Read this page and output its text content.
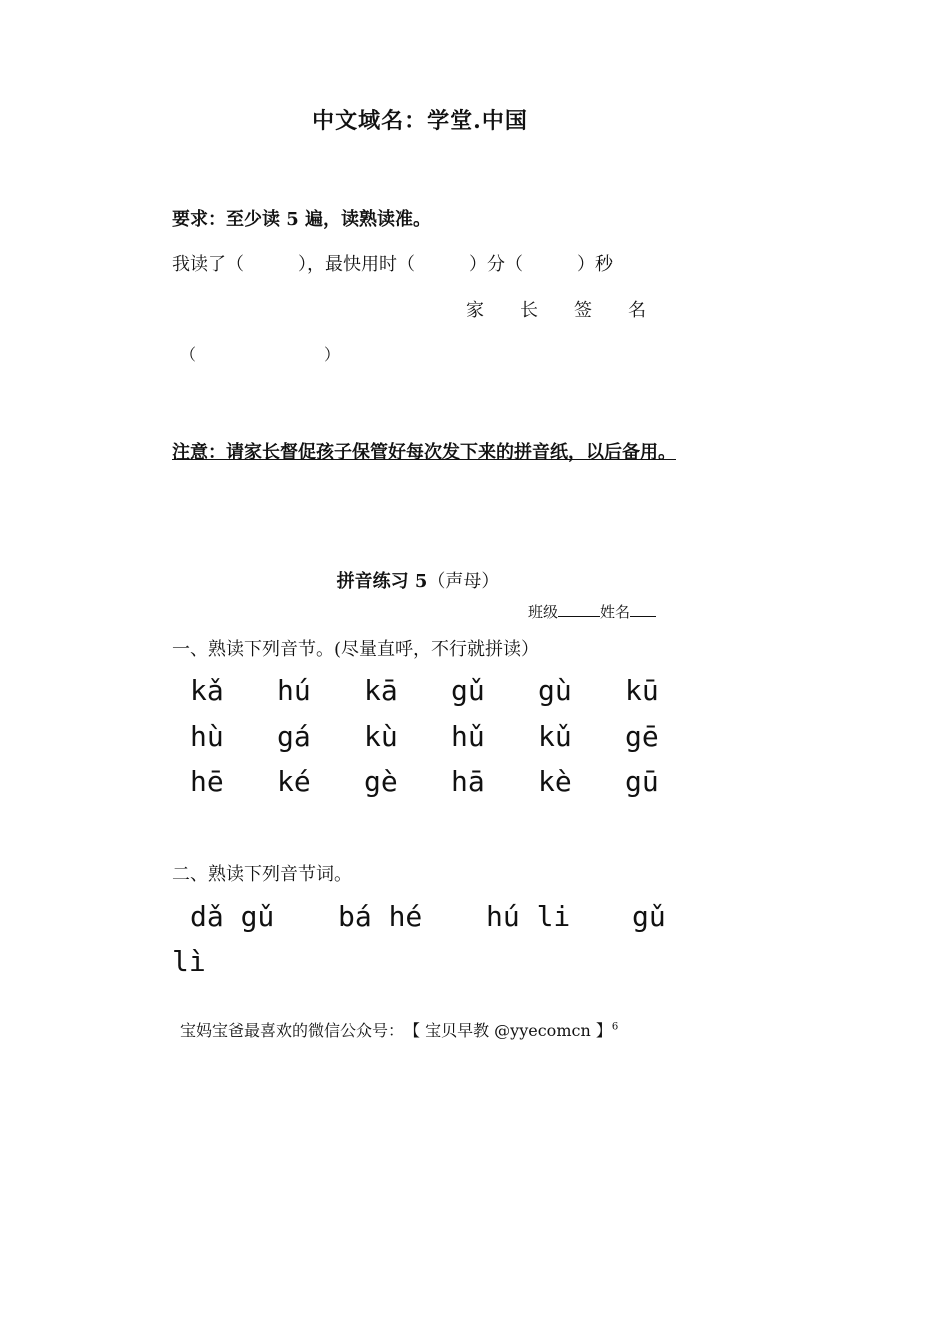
中文域名：学堂.中国
要求：至少读 5 遍，读熟读准。
我读了（　　　），最快用时（　　　）分（　　　）秒
家长签名
（　　　　　　　　）
注意：请家长督促孩子保管好每次发下来的拼音纸，以后备用。
拼音练习 5（声母）
班级	姓名
一、熟读下列音节。(尽量直呼，不行就拼读）
kǎ hú kā gǔ gù kū
hù gá kù hǔ kǔ gē
hē ké gè hā kè gū
二、熟读下列音节词。
dǎ gǔ bá hé hú li gǔ
lì
宝妈宝爸最喜欢的微信公众号：　【 宝贝早教 @yyecomcn 】$^6$
